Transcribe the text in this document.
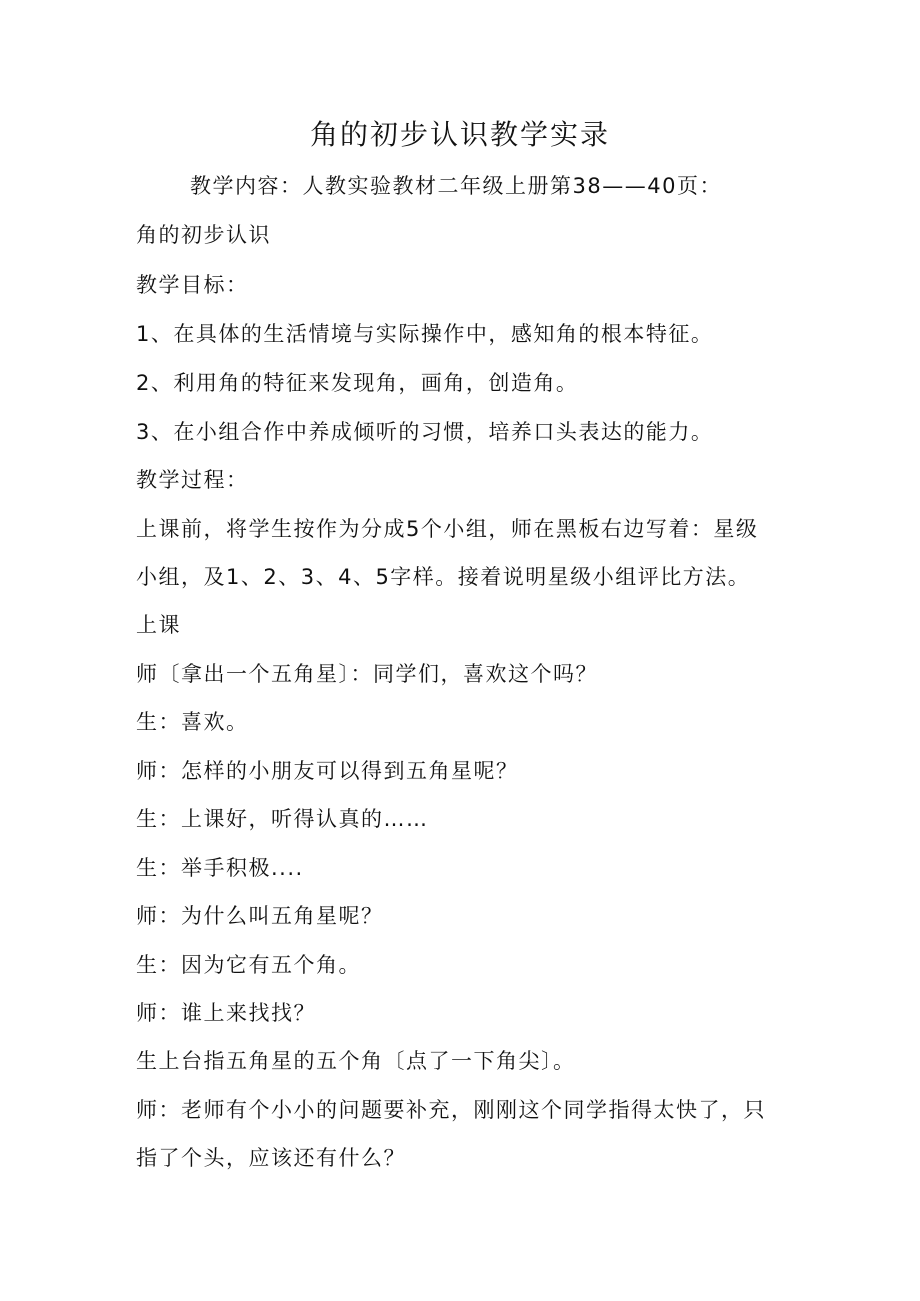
角的初步认识教学实录
教学内容：人教实验教材二年级上册第38——40页：
角的初步认识
教学目标：
1、在具体的生活情境与实际操作中，感知角的根本特征。
2、利用角的特征来发现角，画角，创造角。
3、在小组合作中养成倾听的习惯，培养口头表达的能力。
教学过程：
上课前，将学生按作为分成5个小组，师在黑板右边写着：星级
小组，及1、2、3、4、5字样。接着说明星级小组评比方法。
上课
师〔拿出一个五角星〕：同学们，喜欢这个吗？
生：喜欢。
师：怎样的小朋友可以得到五角星呢？
生：上课好，听得认真的……
生：举手积极....
师：为什么叫五角星呢？
生：因为它有五个角。
师：谁上来找找？
生上台指五角星的五个角〔点了一下角尖〕。
师：老师有个小小的问题要补充，刚刚这个同学指得太快了，只
指了个头，应该还有什么？
